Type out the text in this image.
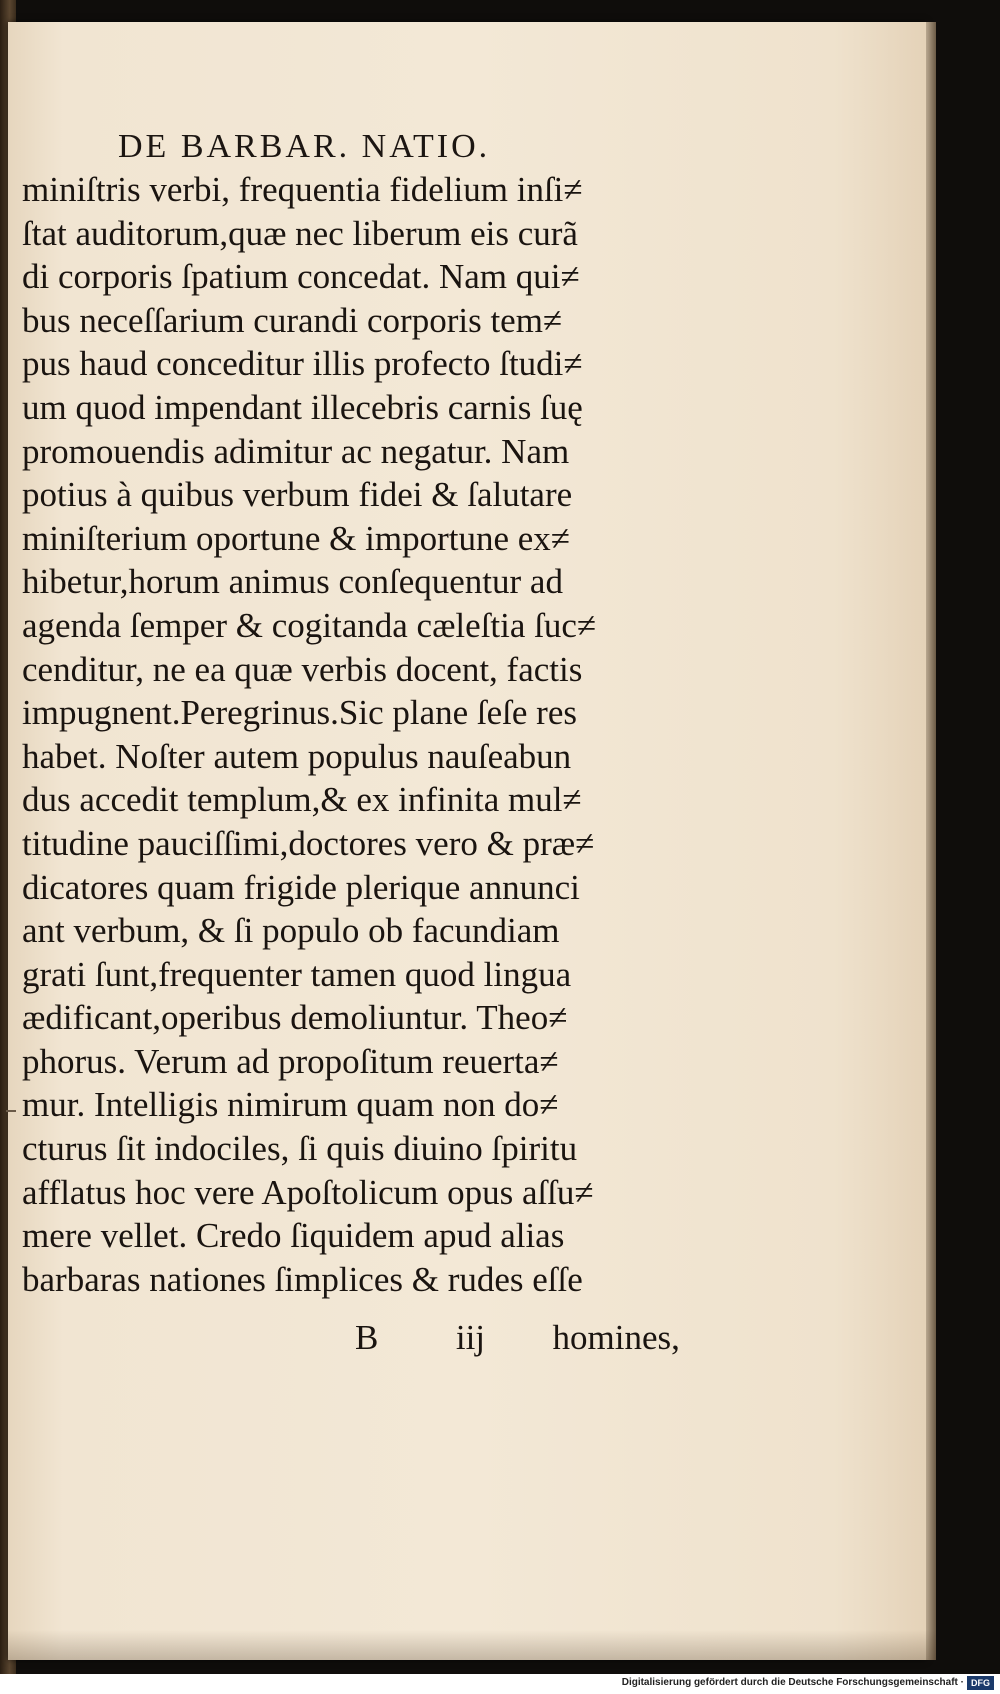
DE BARBAR. NATIO.
miniſtris verbi, frequentia fidelium inſi≠
ſtat auditorum,quæ nec liberum eis curã
di corporis ſpatium concedat. Nam qui≠
bus neceſſarium curandi corporis tem≠
pus haud conceditur illis profecto ſtudi≠
um quod impendant illecebris carnis ſuę
promouendis adimitur ac negatur. Nam
potius à quibus verbum fidei & ſalutare
miniſterium oportune & importune ex≠
hibetur,horum animus conſequentur ad
agenda ſemper & cogitanda cæleſtia ſuc≠
cenditur, ne ea quæ verbis docent, factis
impugnent.Peregrinus.Sic plane ſeſe res
habet. Noſter autem populus nauſeabun
dus accedit templum,& ex infinita mul≠
titudine pauciſſimi,doctores vero & præ≠
dicatores quam frigide plerique annunci
ant verbum, & ſi populo ob facundiam
grati ſunt,frequenter tamen quod lingua
ædificant,operibus demoliuntur. Theo≠
phorus. Verum ad propoſitum reuerta≠
mur. Intelligis nimirum quam non do≠
cturus ſit indociles, ſi quis diuino ſpiritu
afflatus hoc vere Apoſtolicum opus aſſu≠
mere vellet. Credo ſiquidem apud alias
barbaras nationes ſimplices & rudes eſſe
B iij homines,
Digitalisierung gefördert durch die Deutsche Forschungsgemeinschaft · DFG
